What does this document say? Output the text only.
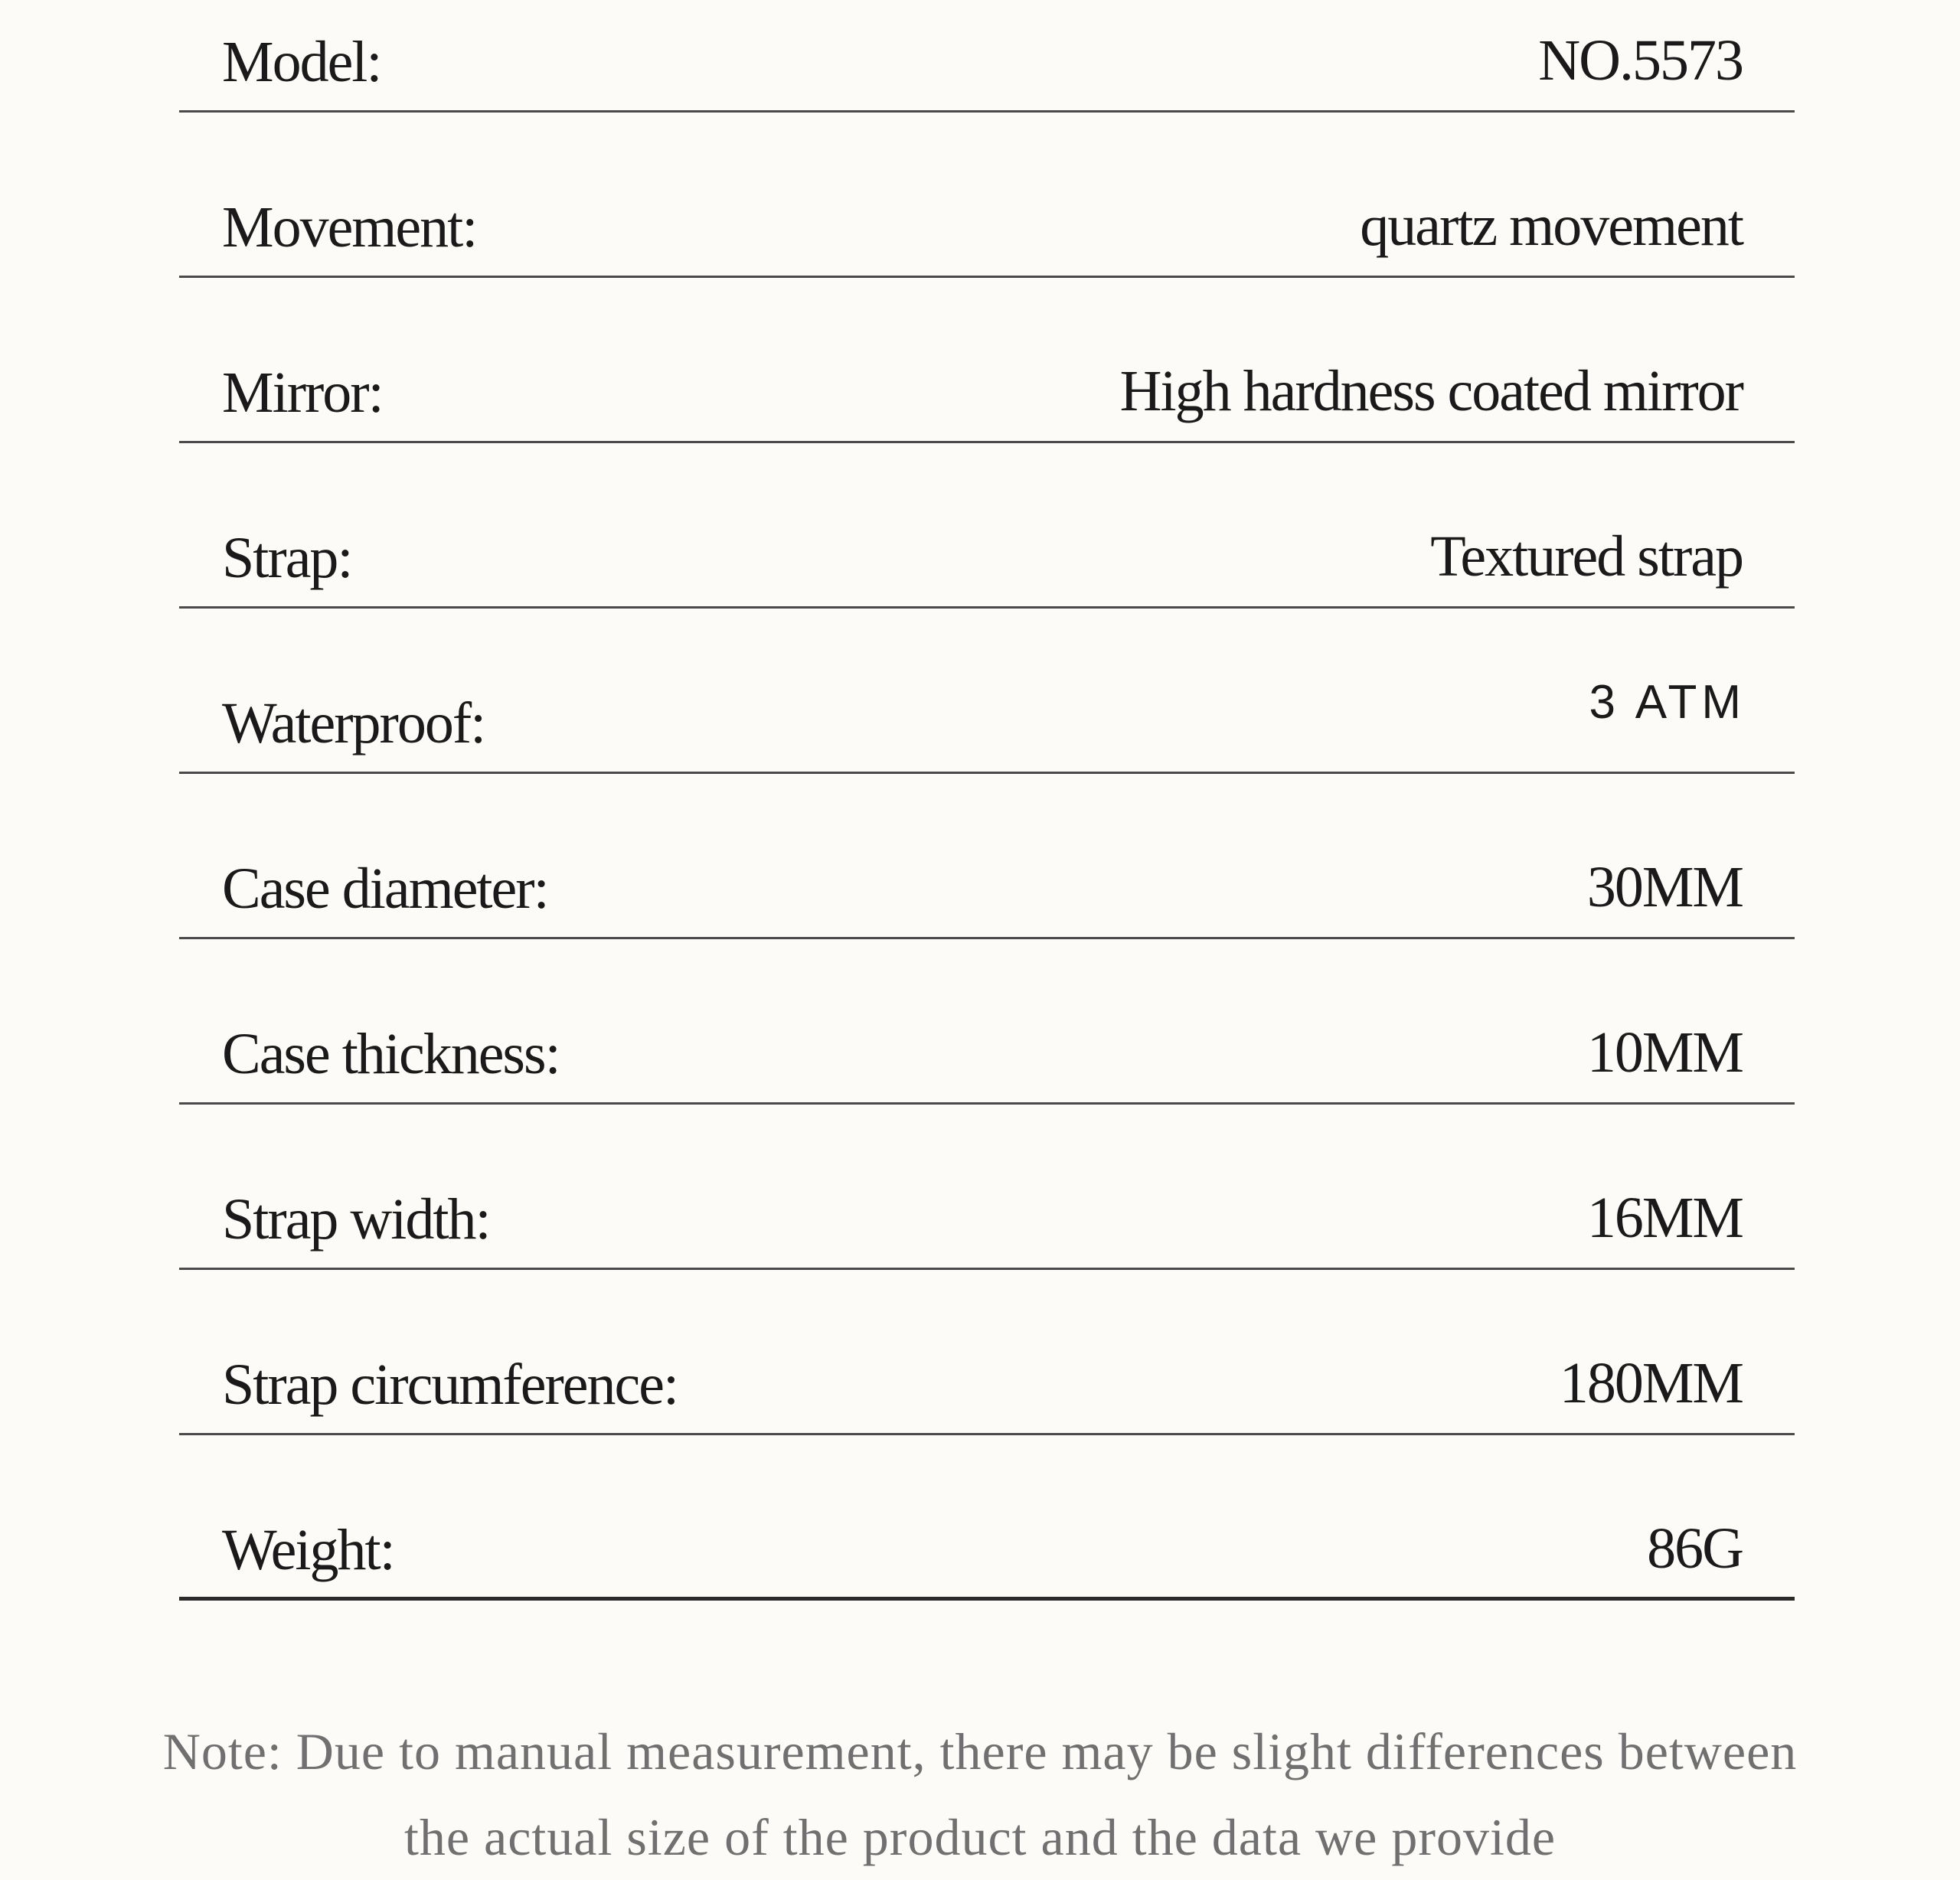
Model:	NO.5573
Movement:	quartz movement
Mirror:	High hardness coated mirror
Strap:	Textured strap
Waterproof:	3 ATM
Case diameter:	30MM
Case thickness:	10MM
Strap width:	16MM
Strap circumference:	180MM
Weight:	86G
Note: Due to manual measurement, there may be slight differences between
the actual size of the product and the data we provide
